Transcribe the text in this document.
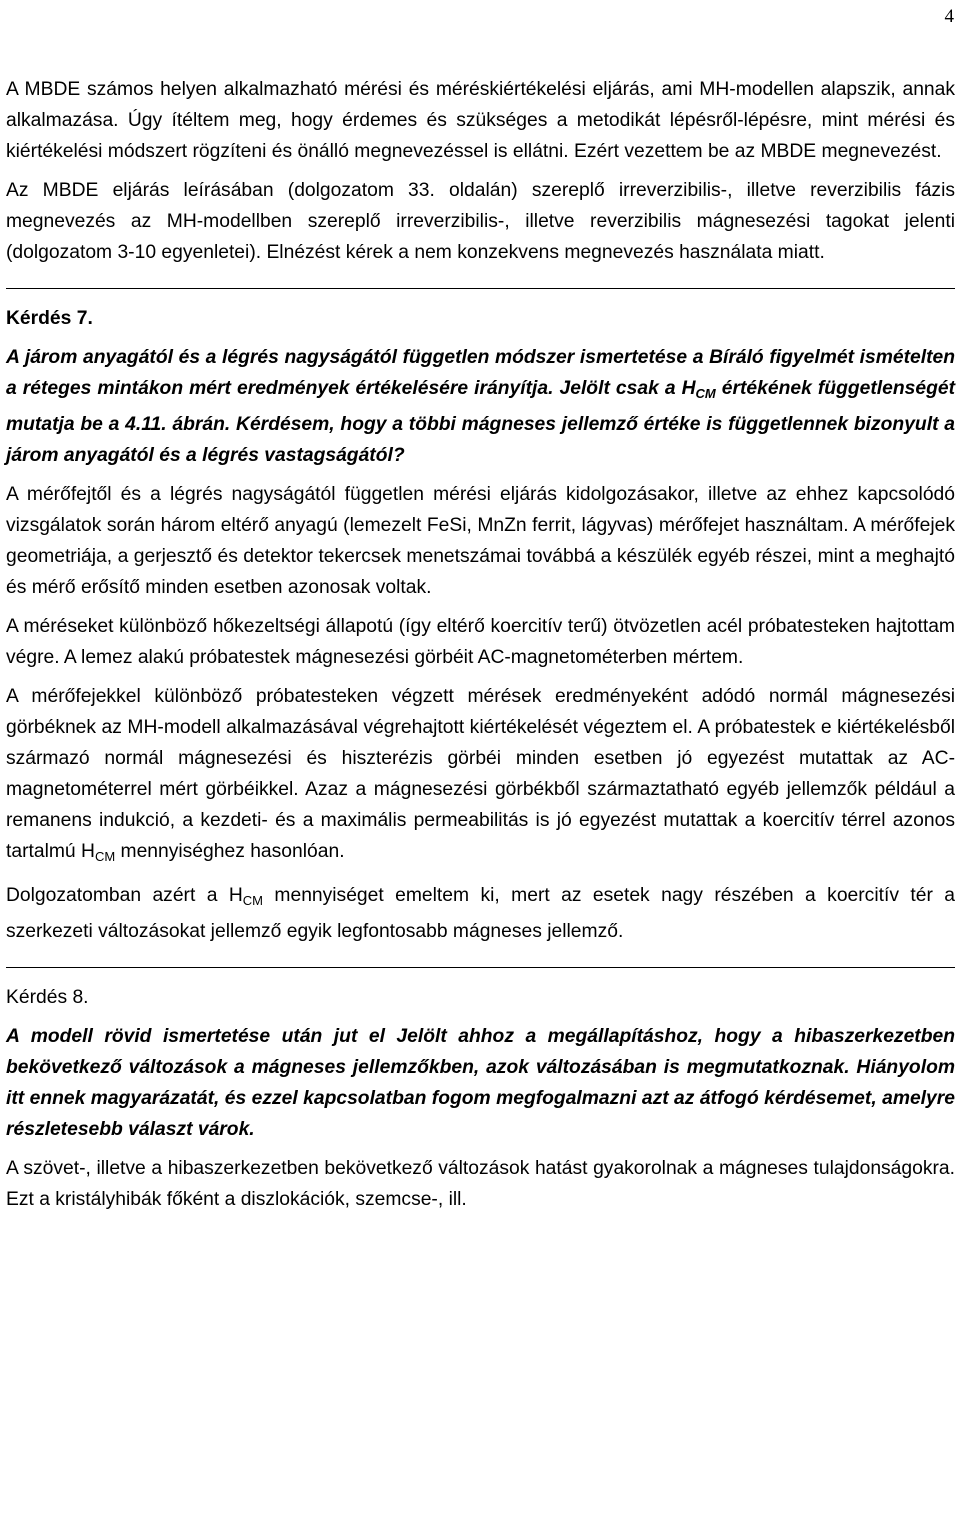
4

A MBDE számos helyen alkalmazható mérési és méréskiértékelési eljárás, ami MH-modellen alapszik, annak alkalmazása. Úgy ítéltem meg, hogy érdemes és szükséges a metodikát lépésről-lépésre, mint mérési és kiértékelési módszert rögzíteni és önálló megnevezéssel is ellátni. Ezért vezettem be az MBDE megnevezést.

Az MBDE eljárás leírásában (dolgozatom 33. oldalán) szereplő irreverzibilis-, illetve reverzibilis fázis megnevezés az MH-modellben szereplő irreverzibilis-, illetve reverzibilis mágnesezési tagokat jelenti (dolgozatom 3-10 egyenletei). Elnézést kérek a nem konzekvens megnevezés használata miatt.

Kérdés 7.

A járom anyagától és a légrés nagyságától független módszer ismertetése a Bíráló figyelmét ismételten a réteges mintákon mért eredmények értékelésére irányítja. Jelölt csak a $H_{CM}$ értékének függetlenségét mutatja be a 4.11. ábrán. Kérdésem, hogy a többi mágneses jellemző értéke is függetlennek bizonyult a járom anyagától és a légrés vastagságától?

A mérőfejtől és a légrés nagyságától független mérési eljárás kidolgozásakor, illetve az ehhez kapcsolódó vizsgálatok során három eltérő anyagú (lemezelt FeSi, MnZn ferrit, lágyvas) mérőfejet használtam. A mérőfejek geometriája, a gerjesztő és detektor tekercsek menetszámai továbbá a készülék egyéb részei, mint a meghajtó és mérő erősítő minden esetben azonosak voltak.

A méréseket különböző hőkezeltségi állapotú (így eltérő koercitív terű) ötvözetlen acél próbatesteken hajtottam végre. A lemez alakú próbatestek mágnesezési görbéit AC-magnetométerben mértem.

A mérőfejekkel különböző próbatesteken végzett mérések eredményeként adódó normál mágnesezési görbéknek az MH-modell alkalmazásával végrehajtott kiértékelését végeztem el. A próbatestek e kiértékelésből származó normál mágnesezési és hiszterézis görbéi minden esetben jó egyezést mutattak az AC-magnetométerrel mért görbéikkel. Azaz a mágnesezési görbékből származtatható egyéb jellemzők például a remanens indukció, a kezdeti- és a maximális permeabilitás is jó egyezést mutattak a koercitív térrel azonos tartalmú $H_{CM}$ mennyiséghez hasonlóan.

Dolgozatomban azért a $H_{CM}$ mennyiséget emeltem ki, mert az esetek nagy részében a koercitív tér a szerkezeti változásokat jellemző egyik legfontosabb mágneses jellemző.

Kérdés 8.

A modell rövid ismertetése után jut el Jelölt ahhoz a megállapításhoz, hogy a hibaszerkezetben bekövetkező változások a mágneses jellemzőkben, azok változásában is megmutatkoznak. Hiányolom itt ennek magyarázatát, és ezzel kapcsolatban fogom megfogalmazni azt az átfogó kérdésemet, amelyre részletesebb választ várok.

A szövet-, illetve a hibaszerkezetben bekövetkező változások hatást gyakorolnak a mágneses tulajdonságokra. Ezt a kristályhibák főként a diszlokációk, szemcse-, ill.
